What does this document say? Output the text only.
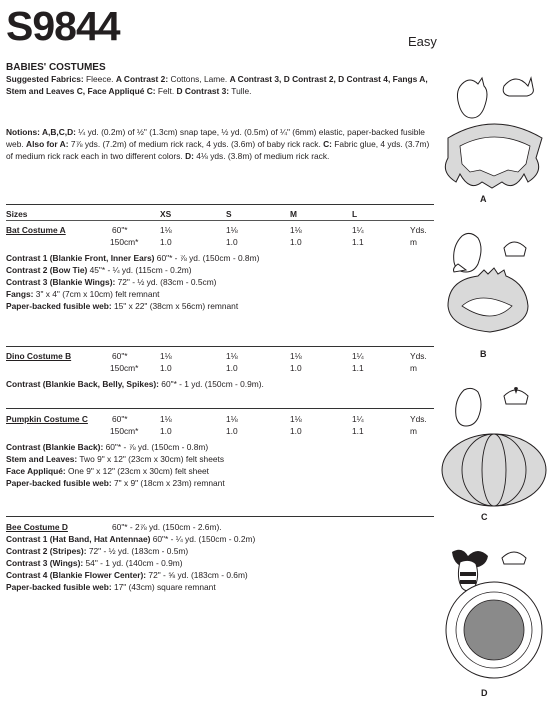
S9844	Easy
BABIES' COSTUMES
Suggested Fabrics: Fleece. A Contrast 2: Cottons, Lame. A Contrast 3, D Contrast 2, D Contrast 4, Fangs A, Stem and Leaves C, Face Appliqué C: Felt. D Contrast 3: Tulle.
Notions: A,B,C,D: ¼ yd. (0.2m) of ½" (1.3cm) snap tape, ½ yd. (0.5m) of ¼" (6mm) elastic, paper-backed fusible web. Also for A: 7⅞ yds. (7.2m) of medium rick rack, 4 yds. (3.6m) of baby rick rack. C: Fabric glue, 4 yds. (3.7m) of medium rick rack each in two different colors. D: 4⅛ yds. (3.8m) of medium rick rack.
Sizes	XS	S	M	L
Bat Costume A	60"*	1⅛	1⅛	1⅛	1¼	Yds.
150cm*	1.0	1.0	1.0	1.1	m
Contrast 1 (Blankie Front, Inner Ears) 60"* - ⅞ yd. (150cm - 0.8m)
Contrast 2 (Bow Tie) 45"* - ¼ yd. (115cm - 0.2m)
Contrast 3 (Blankie Wings): 72" - ½ yd. (83cm - 0.5cm)
Fangs: 3" x 4" (7cm x 10cm) felt remnant
Paper-backed fusible web: 15" x 22" (38cm x 56cm) remnant
Dino Costume B	60"*	1⅛	1⅛	1⅛	1¼	Yds.
150cm*	1.0	1.0	1.0	1.1	m
Contrast (Blankie Back, Belly, Spikes): 60"* - 1 yd. (150cm - 0.9m).
Pumpkin Costume C	60"*	1⅛	1⅛	1⅛	1¼	Yds.
150cm*	1.0	1.0	1.0	1.1	m
Contrast (Blankie Back): 60"* - ⅞ yd. (150cm - 0.8m)
Stem and Leaves: Two 9" x 12" (23cm x 30cm) felt sheets
Face Appliqué: One 9" x 12" (23cm x 30cm) felt sheet
Paper-backed fusible web: 7" x 9" (18cm x 23m) remnant
Bee Costume D	60"* - 2⅞ yd. (150cm - 2.6m).
Contrast 1 (Hat Band, Hat Antennae) 60"* - ¼ yd. (150cm - 0.2m)
Contrast 2 (Stripes): 72" - ½ yd. (183cm - 0.5m)
Contrast 3 (Wings): 54" - 1 yd. (140cm - 0.9m)
Contrast 4 (Blankie Flower Center): 72" - ⅝ yd. (183cm - 0.6m)
Paper-backed fusible web: 17" (43cm) square remnant
A
B
C
D
